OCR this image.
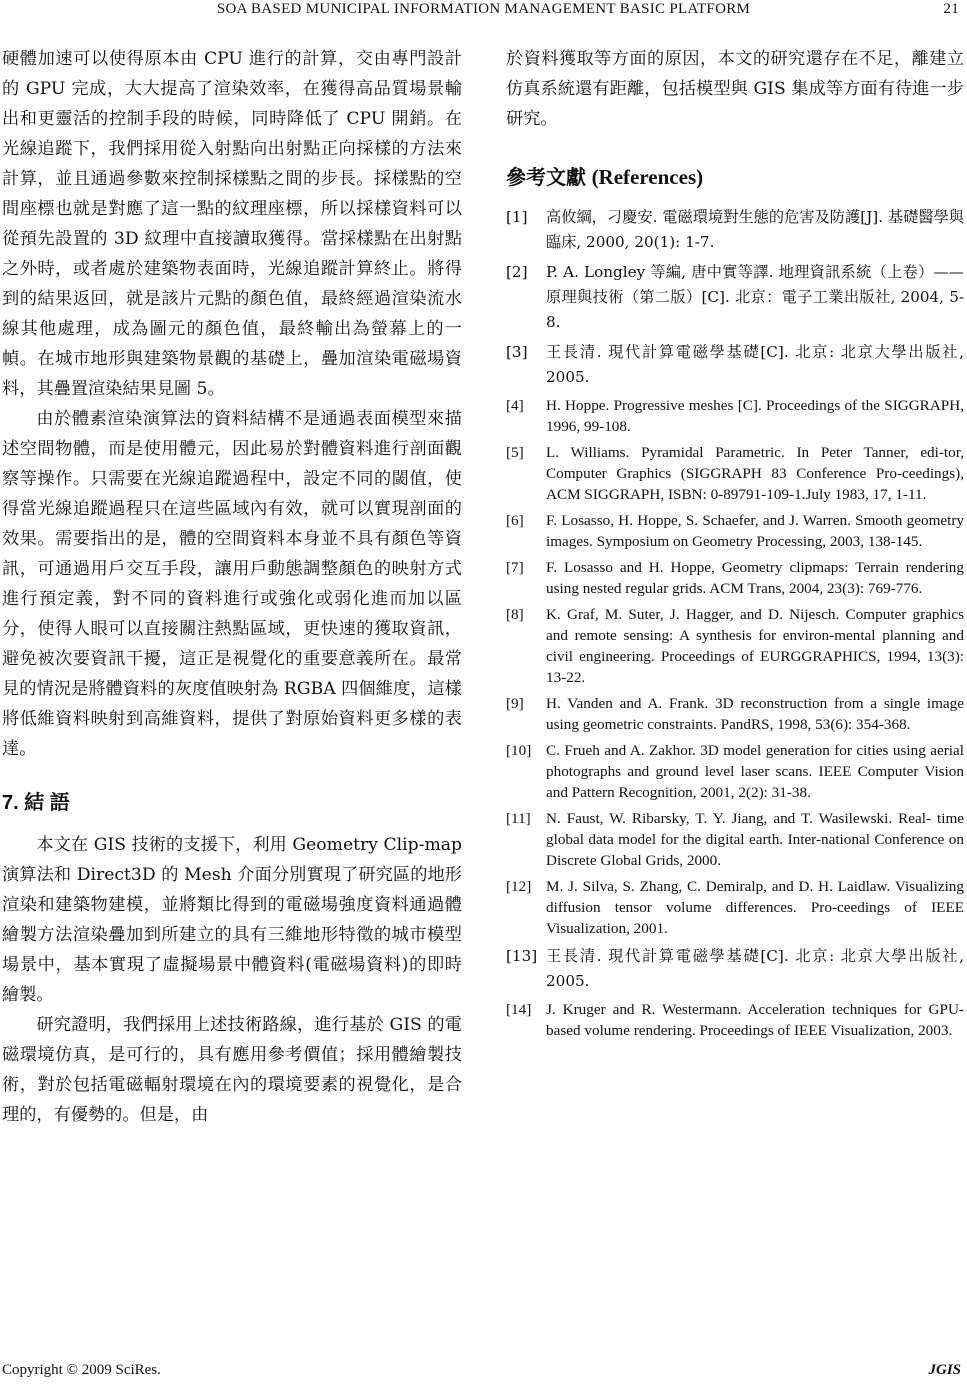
SOA BASED MUNICIPAL INFORMATION MANAGEMENT BASIC PLATFORM	21

硬體加速可以使得原本由 CPU 進行的計算，交由專門設計的 GPU 完成，大大提高了渲染效率，在獲得高品質場景輸出和更靈活的控制手段的時候，同時降低了 CPU 開銷。在光線追蹤下，我們採用從入射點向出射點正向採樣的方法來計算，並且通過參數來控制採樣點之間的步長。採樣點的空間座標也就是對應了這一點的紋理座標，所以採樣資料可以從預先設置的 3D 紋理中直接讀取獲得。當採樣點在出射點之外時，或者處於建築物表面時，光線追蹤計算終止。將得到的結果返回，就是該片元點的顏色值，最終經過渲染流水線其他處理，成為圖元的顏色值，最終輸出為螢幕上的一幀。在城市地形與建築物景觀的基礎上，疊加渲染電磁場資料，其疊置渲染結果見圖 5。

由於體素渲染演算法的資料結構不是通過表面模型來描述空間物體，而是使用體元，因此易於對體資料進行剖面觀察等操作。只需要在光線追蹤過程中，設定不同的閾值，使得當光線追蹤過程只在這些區域內有效，就可以實現剖面的效果。需要指出的是，體的空間資料本身並不具有顏色等資訊，可通過用戶交互手段，讓用戶動態調整顏色的映射方式進行預定義，對不同的資料進行或強化或弱化進而加以區分，使得人眼可以直接關注熱點區域，更快速的獲取資訊，避免被次要資訊干擾，這正是視覺化的重要意義所在。最常見的情況是將體資料的灰度值映射為 RGBA 四個維度，這樣將低維資料映射到高維資料，提供了對原始資料更多樣的表達。

7. 結 語

本文在 GIS 技術的支援下，利用 Geometry Clip-map 演算法和 Direct3D 的 Mesh 介面分別實現了研究區的地形渲染和建築物建模，並將類比得到的電磁場強度資料通過體繪製方法渲染疊加到所建立的具有三維地形特徵的城市模型場景中，基本實現了虛擬場景中體資料(電磁場資料)的即時繪製。

研究證明，我們採用上述技術路線，進行基於 GIS 的電磁環境仿真，是可行的，具有應用參考價值；採用體繪製技術，對於包括電磁輻射環境在內的環境要素的視覺化，是合理的，有優勢的。但是，由

於資料獲取等方面的原因，本文的研究還存在不足，離建立仿真系統還有距離，包括模型與 GIS 集成等方面有待進一步研究。

參考文獻 (References)
[1] 高攸綱，刁慶安. 電磁環境對生態的危害及防護[J]. 基礎醫學與臨床, 2000, 20(1): 1-7.
[2] P. A. Longley 等編, 唐中實等譯. 地理資訊系統（上卷）——原理與技術（第二版）[C]. 北京：電子工業出版社, 2004, 5-8.
[3] 王長清. 現代計算電磁學基礎[C]. 北京: 北京大學出版社, 2005.
[4] H. Hoppe. Progressive meshes [C]. Proceedings of the SIGGRAPH, 1996, 99-108.
[5] L. Williams. Pyramidal Parametric. In Peter Tanner, edi-tor, Computer Graphics (SIGGRAPH 83 Conference Pro-ceedings), ACM SIGGRAPH, ISBN: 0-89791-109-1.July 1983, 17, 1-11.
[6] F. Losasso, H. Hoppe, S. Schaefer, and J. Warren. Smooth geometry images. Symposium on Geometry Processing, 2003, 138-145.
[7] F. Losasso and H. Hoppe, Geometry clipmaps: Terrain rendering using nested regular grids. ACM Trans, 2004, 23(3): 769-776.
[8] K. Graf, M. Suter, J. Hagger, and D. Nijesch. Computer graphics and remote sensing: A synthesis for environ-mental planning and civil engineering. Proceedings of EURGGRAPHICS, 1994, 13(3): 13-22.
[9] H. Vanden and A. Frank. 3D reconstruction from a single image using geometric constraints. PandRS, 1998, 53(6): 354-368.
[10] C. Frueh and A. Zakhor. 3D model generation for cities using aerial photographs and ground level laser scans. IEEE Computer Vision and Pattern Recognition, 2001, 2(2): 31-38.
[11] N. Faust, W. Ribarsky, T. Y. Jiang, and T. Wasilewski. Real- time global data model for the digital earth. Inter-national Conference on Discrete Global Grids, 2000.
[12] M. J. Silva, S. Zhang, C. Demiralp, and D. H. Laidlaw. Visualizing diffusion tensor volume differences. Pro-ceedings of IEEE Visualization, 2001.
[13] 王長清. 現代計算電磁學基礎[C]. 北京: 北京大學出版社, 2005.
[14] J. Kruger and R. Westermann. Acceleration techniques for GPU-based volume rendering. Proceedings of IEEE Visualization, 2003.
Copyright © 2009 SciRes.	JGIS
